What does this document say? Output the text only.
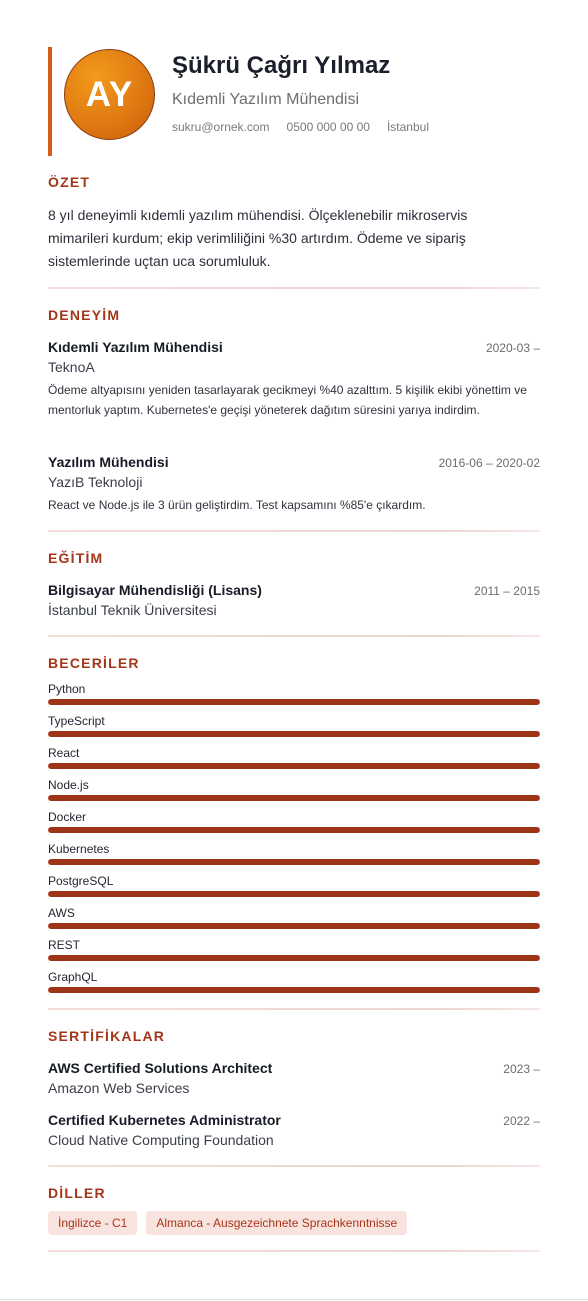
AY
Şükrü Çağrı Yılmaz
Kıdemli Yazılım Mühendisi
sukru@ornek.com 0500 000 00 00 İstanbul
ÖZET
8 yıl deneyimli kıdemli yazılım mühendisi. Ölçeklenebilir mikroservis mimarileri kurdum; ekip verimliliğini %30 artırdım. Ödeme ve sipariş sistemlerinde uçtan uca sorumluluk.
DENEYİM
Kıdemli Yazılım Mühendisi	2020-03 –
TeknoA
Ödeme altyapısını yeniden tasarlayarak gecikmeyi %40 azalttım. 5 kişilik ekibi yönettim ve mentorluk yaptım. Kubernetes'e geçişi yöneterek dağıtım süresini yarıya indirdim.
Yazılım Mühendisi	2016-06 – 2020-02
YazıB Teknoloji
React ve Node.js ile 3 ürün geliştirdim. Test kapsamını %85'e çıkardım.
EĞİTİM
Bilgisayar Mühendisliği (Lisans)	2011 – 2015
İstanbul Teknik Üniversitesi
BECERİLER
Python
TypeScript
React
Node.js
Docker
Kubernetes
PostgreSQL
AWS
REST
GraphQL
SERTİFİKALAR
AWS Certified Solutions Architect	2023 –
Amazon Web Services
Certified Kubernetes Administrator	2022 –
Cloud Native Computing Foundation
DİLLER
İngilizce - C1	Almanca - Ausgezeichnete Sprachkenntnisse
